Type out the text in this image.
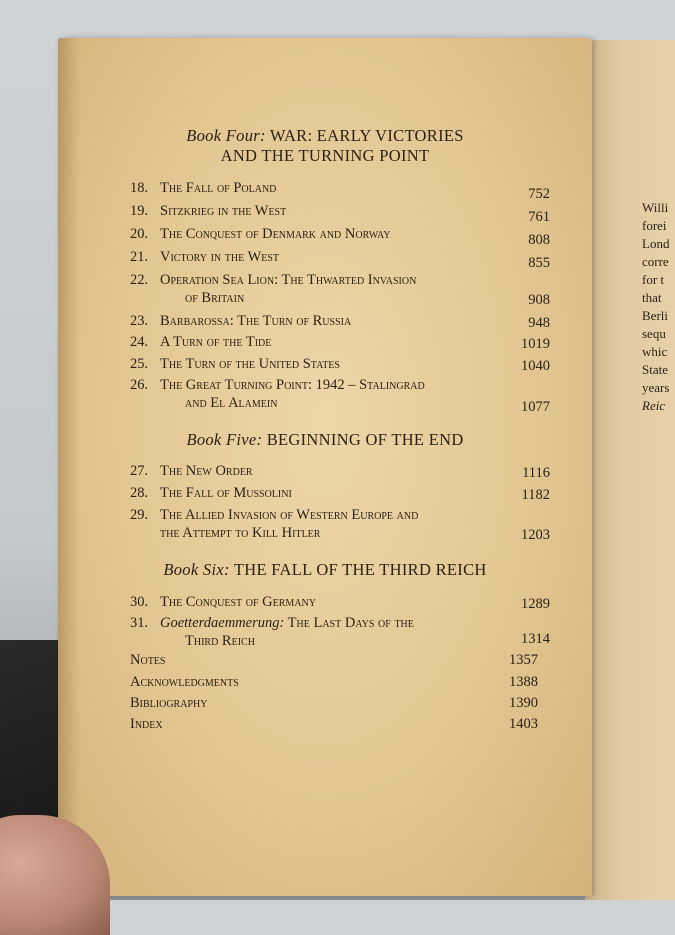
Willi
forei
Lond
corre
for t
that
Berli
sequ
whic
State
years
Reic
Book Four: WAR: EARLY VICTORIES
AND THE TURNING POINT
18. The Fall of Poland	752
19. Sitzkrieg in the West	761
20. The Conquest of Denmark and Norway	808
21. Victory in the West	855
22. Operation Sea Lion: The Thwarted Invasion
of Britain	908
23. Barbarossa: The Turn of Russia	948
24. A Turn of the Tide	1019
25. The Turn of the United States	1040
26. The Great Turning Point: 1942 – Stalingrad
and El Alamein	1077
Book Five: BEGINNING OF THE END
27. The New Order	1116
28. The Fall of Mussolini	1182
29. The Allied Invasion of Western Europe and
the Attempt to Kill Hitler	1203
Book Six: THE FALL OF THE THIRD REICH
30. The Conquest of Germany	1289
31. Goetterdaemmerung: The Last Days of the
Third Reich	1314
Notes	1357
Acknowledgments	1388
Bibliography	1390
Index	1403
